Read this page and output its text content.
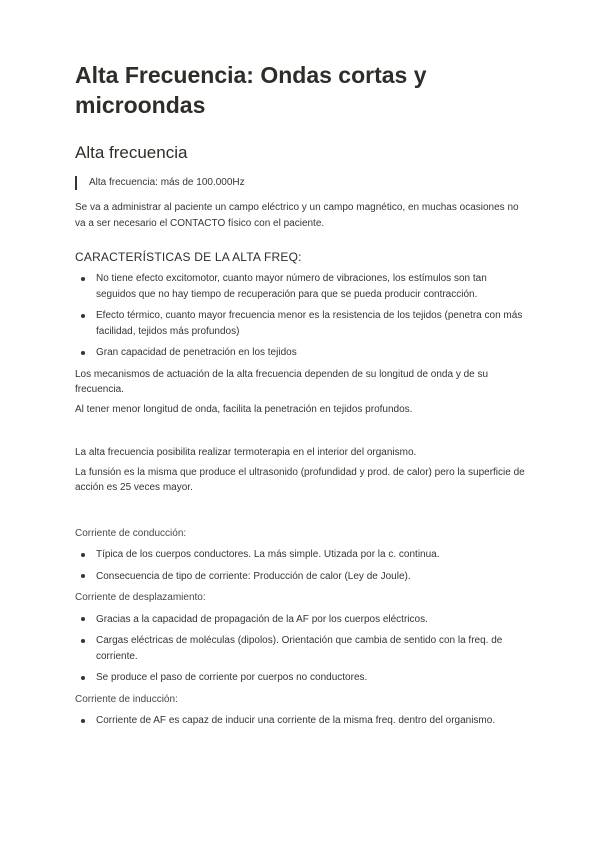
Alta Frecuencia: Ondas cortas y microondas
Alta frecuencia
Alta frecuencia: más de 100.000Hz

Se va a administrar al paciente un campo eléctrico y un campo magnético, en muchas ocasiones no va a ser necesario el CONTACTO físico con el paciente.

CARACTERÍSTICAS DE LA ALTA FREQ:
No tiene efecto excitomotor, cuanto mayor número de vibraciones, los estímulos son tan seguidos que no hay tiempo de recuperación para que se pueda producir contracción.
Efecto térmico, cuanto mayor frecuencia menor es la resistencia de los tejidos (penetra con más facilidad, tejidos más profundos)
Gran capacidad de penetración en los tejidos

Los mecanismos de actuación de la alta frecuencia dependen de su longitud de onda y de su frecuencia.

Al tener menor longitud de onda, facilita la penetración en tejidos profundos.

La alta frecuencia posibilita realizar termoterapia en el interior del organismo.

La funsión es la misma que produce el ultrasonido (profundidad y prod. de calor) pero la superficie de acción es 25 veces mayor.

Corriente de conducción:
Típica de los cuerpos conductores. La más simple. Utizada por la c. continua.
Consecuencia de tipo de corriente: Producción de calor (Ley de Joule).
Corriente de desplazamiento:
Gracias a la capacidad de propagación de la AF por los cuerpos eléctricos.
Cargas eléctricas de moléculas (dipolos). Orientación que cambia de sentido con la freq. de corriente.
Se produce el paso de corriente por cuerpos no conductores.
Corriente de inducción:
Corriente de AF es capaz de inducir una corriente de la misma freq. dentro del organismo.
